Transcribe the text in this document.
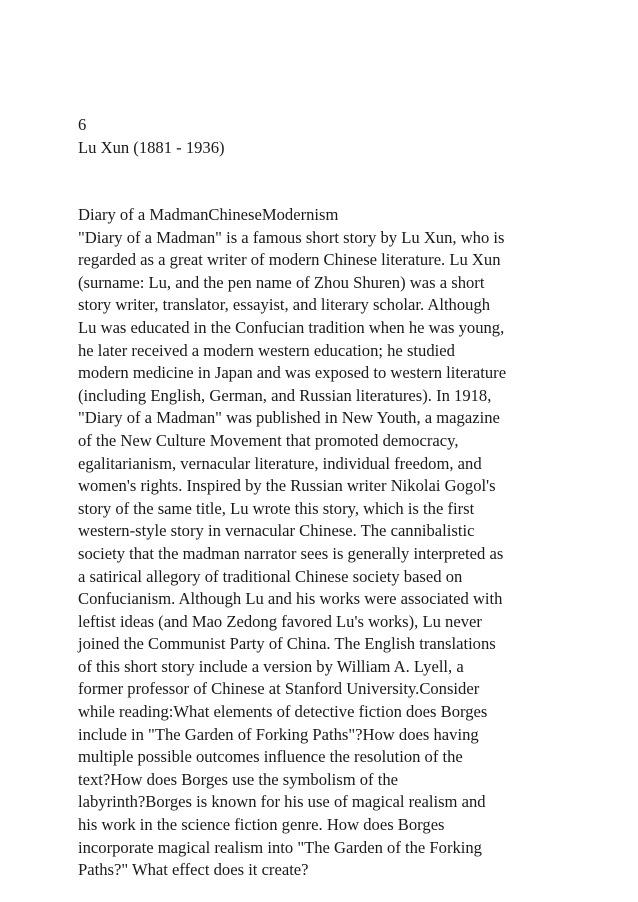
6
Lu Xun (1881 - 1936)
Diary of a MadmanChineseModernism
"Diary of a Madman" is a famous short story by Lu Xun, who is
regarded as a great writer of modern Chinese literature. Lu Xun
(surname: Lu, and the pen name of Zhou Shuren) was a short
story writer, translator, essayist, and literary scholar. Although
Lu was educated in the Confucian tradition when he was young,
he later received a modern western education; he studied
modern medicine in Japan and was exposed to western literature
(including English, German, and Russian literatures). In 1918,
"Diary of a Madman" was published in New Youth, a magazine
of the New Culture Movement that promoted democracy,
egalitarianism, vernacular literature, individual freedom, and
women's rights. Inspired by the Russian writer Nikolai Gogol's
story of the same title, Lu wrote this story, which is the first
western-style story in vernacular Chinese. The cannibalistic
society that the madman narrator sees is generally interpreted as
a satirical allegory of traditional Chinese society based on
Confucianism. Although Lu and his works were associated with
leftist ideas (and Mao Zedong favored Lu's works), Lu never
joined the Communist Party of China. The English translations
of this short story include a version by William A. Lyell, a
former professor of Chinese at Stanford University.Consider
while reading:What elements of detective fiction does Borges
include in "The Garden of Forking Paths"?How does having
multiple possible outcomes influence the resolution of the
text?How does Borges use the symbolism of the
labyrinth?Borges is known for his use of magical realism and
his work in the science fiction genre. How does Borges
incorporate magical realism into "The Garden of the Forking
Paths?" What effect does it create?
